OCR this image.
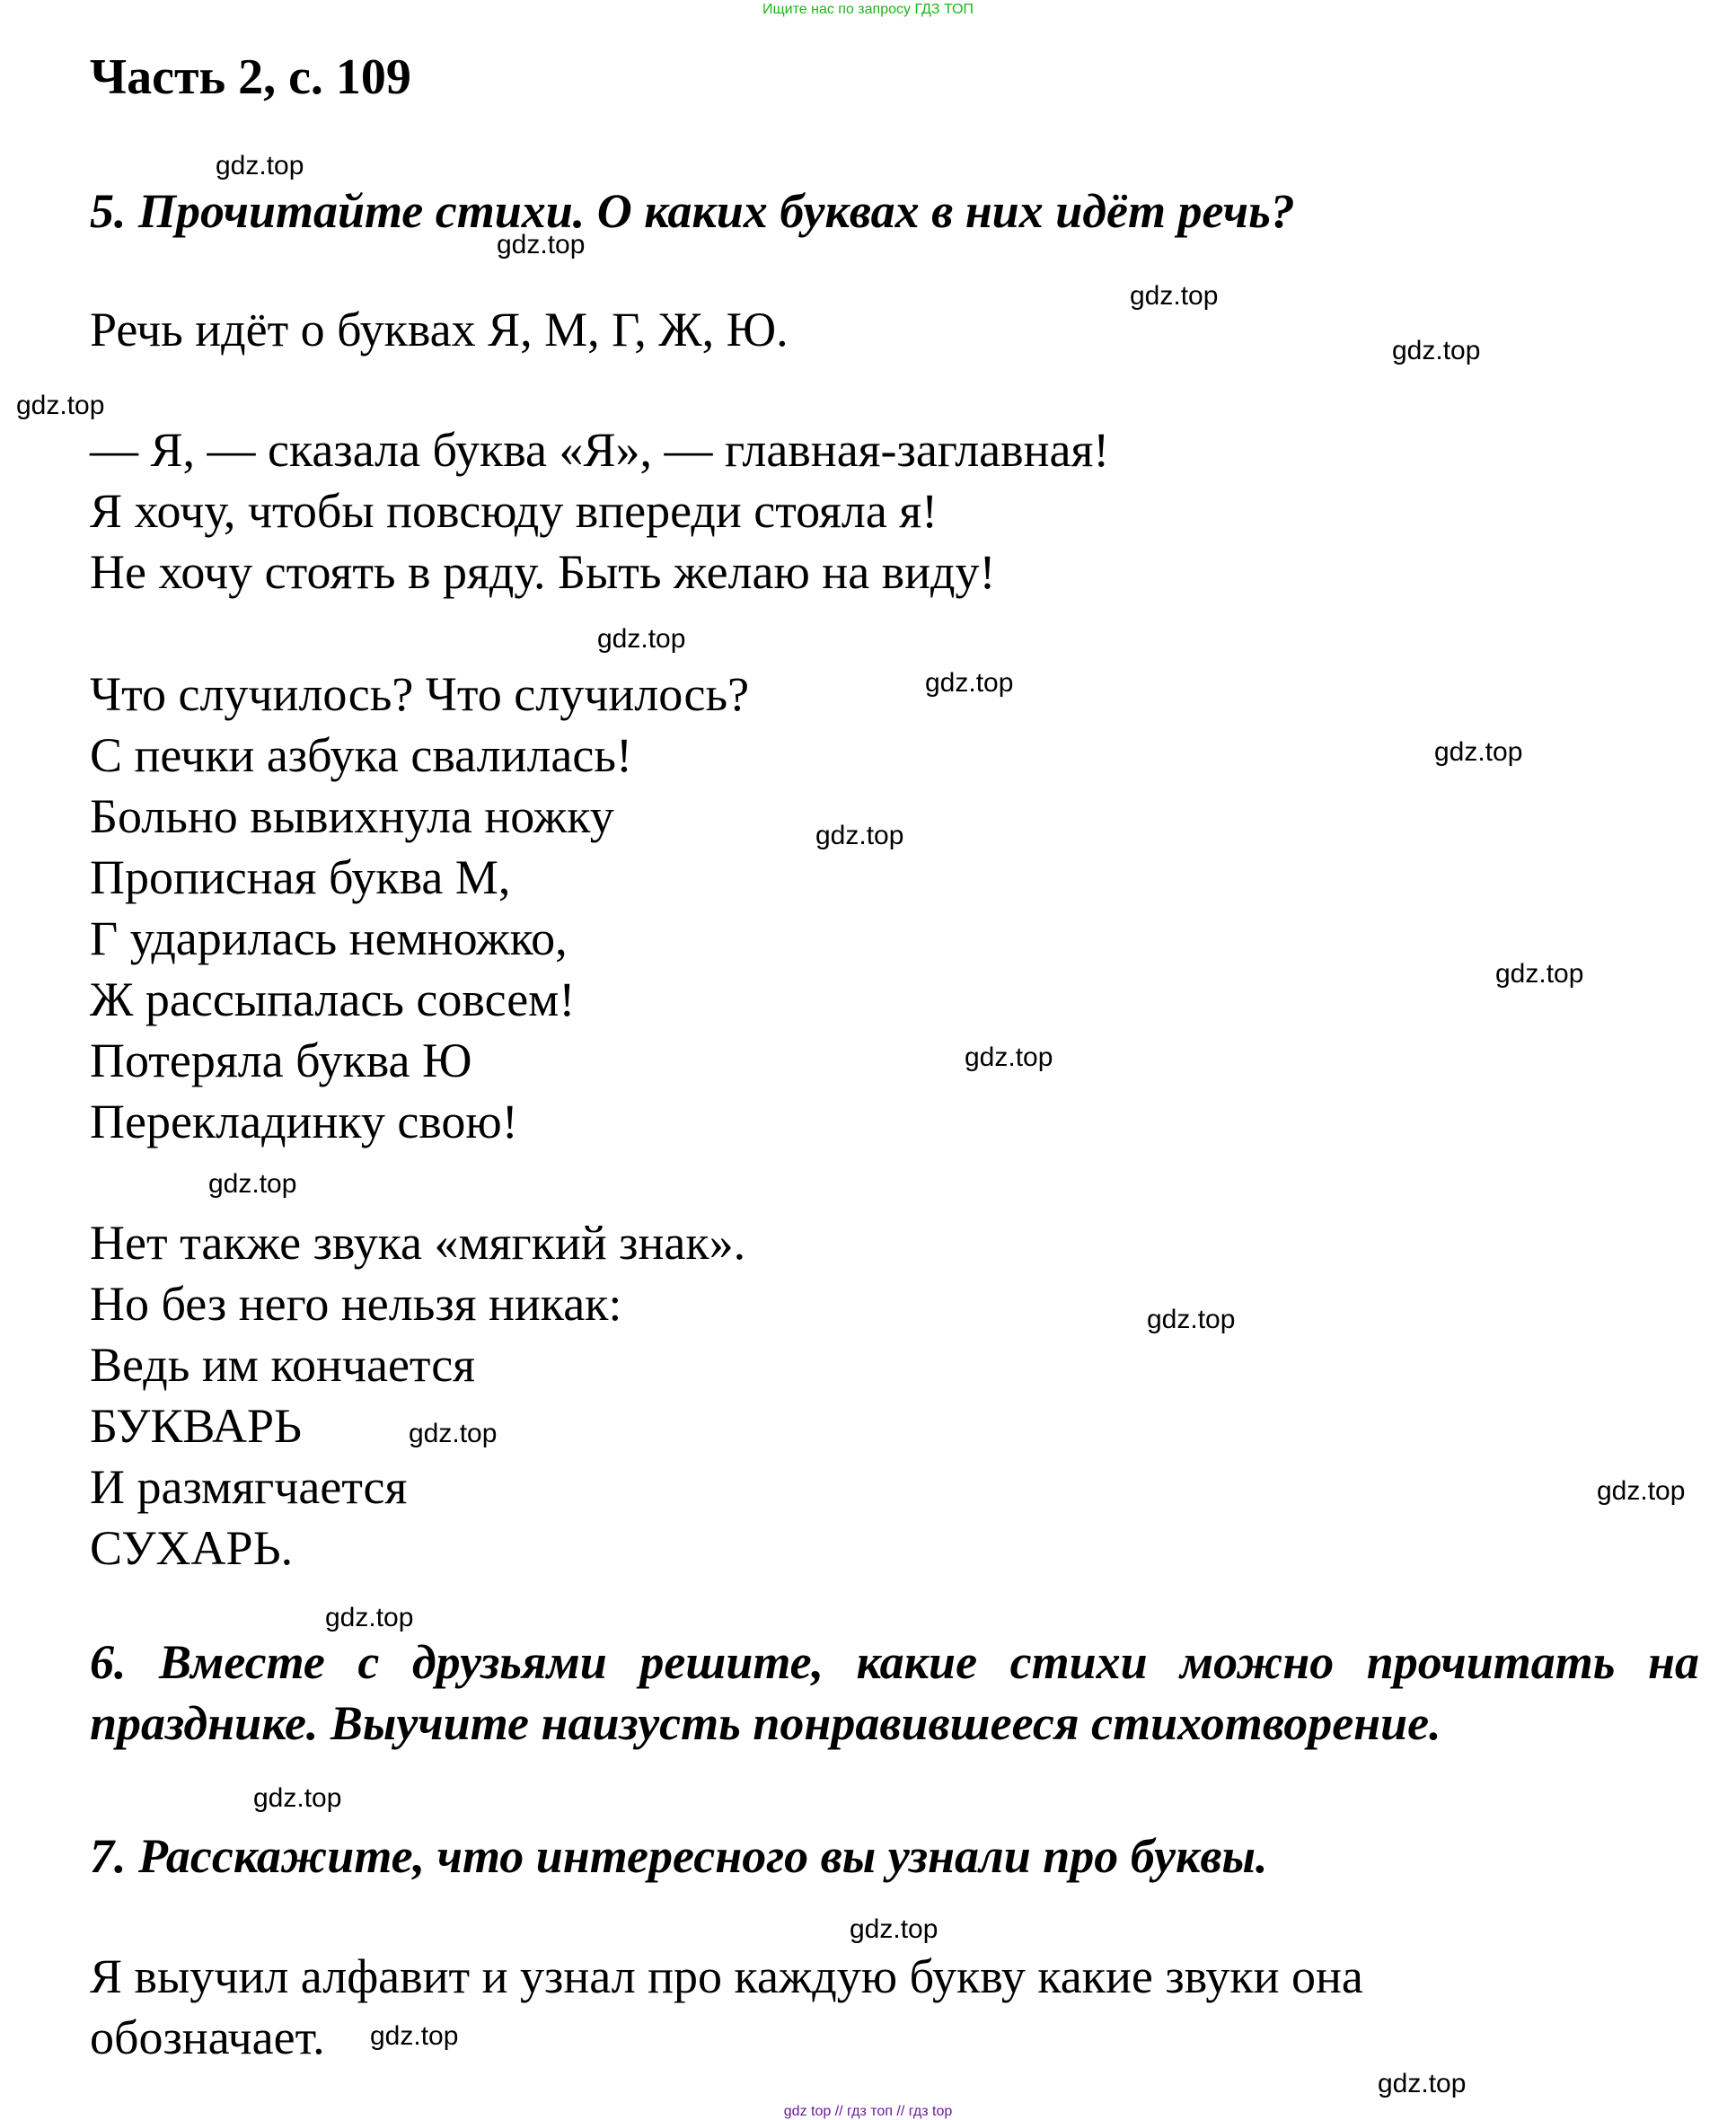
Ищите нас по запросу ГДЗ ТОП
Часть 2, с. 109
5. Прочитайте стихи. О каких буквах в них идёт речь?
Речь идёт о буквах Я, М, Г, Ж, Ю.
— Я, — сказала буква «Я», — главная-заглавная!
Я хочу, чтобы повсюду впереди стояла я!
Не хочу стоять в ряду. Быть желаю на виду!
Что случилось? Что случилось?
С печки азбука свалилась!
Больно вывихнула ножку
Прописная буква М,
Г ударилась немножко,
Ж рассыпалась совсем!
Потеряла буква Ю
Перекладинку свою!
Нет также звука «мягкий знак».
Но без него нельзя никак:
Ведь им кончается
БУКВАРЬ
И размягчается
СУХАРЬ.
6. Вместе с друзьями решите, какие стихи можно прочитать на празднике. Выучите наизусть понравившееся стихотворение.
7. Расскажите, что интересного вы узнали про буквы.
Я выучил алфавит и узнал про каждую букву какие звуки она
обозначает.
gdz.top
gdz.top
gdz.top
gdz.top
gdz.top
gdz.top
gdz.top
gdz.top
gdz.top
gdz.top
gdz.top
gdz.top
gdz.top
gdz.top
gdz.top
gdz.top
gdz.top
gdz.top
gdz.top
gdz.top
gdz top // гдз топ // гдз top
